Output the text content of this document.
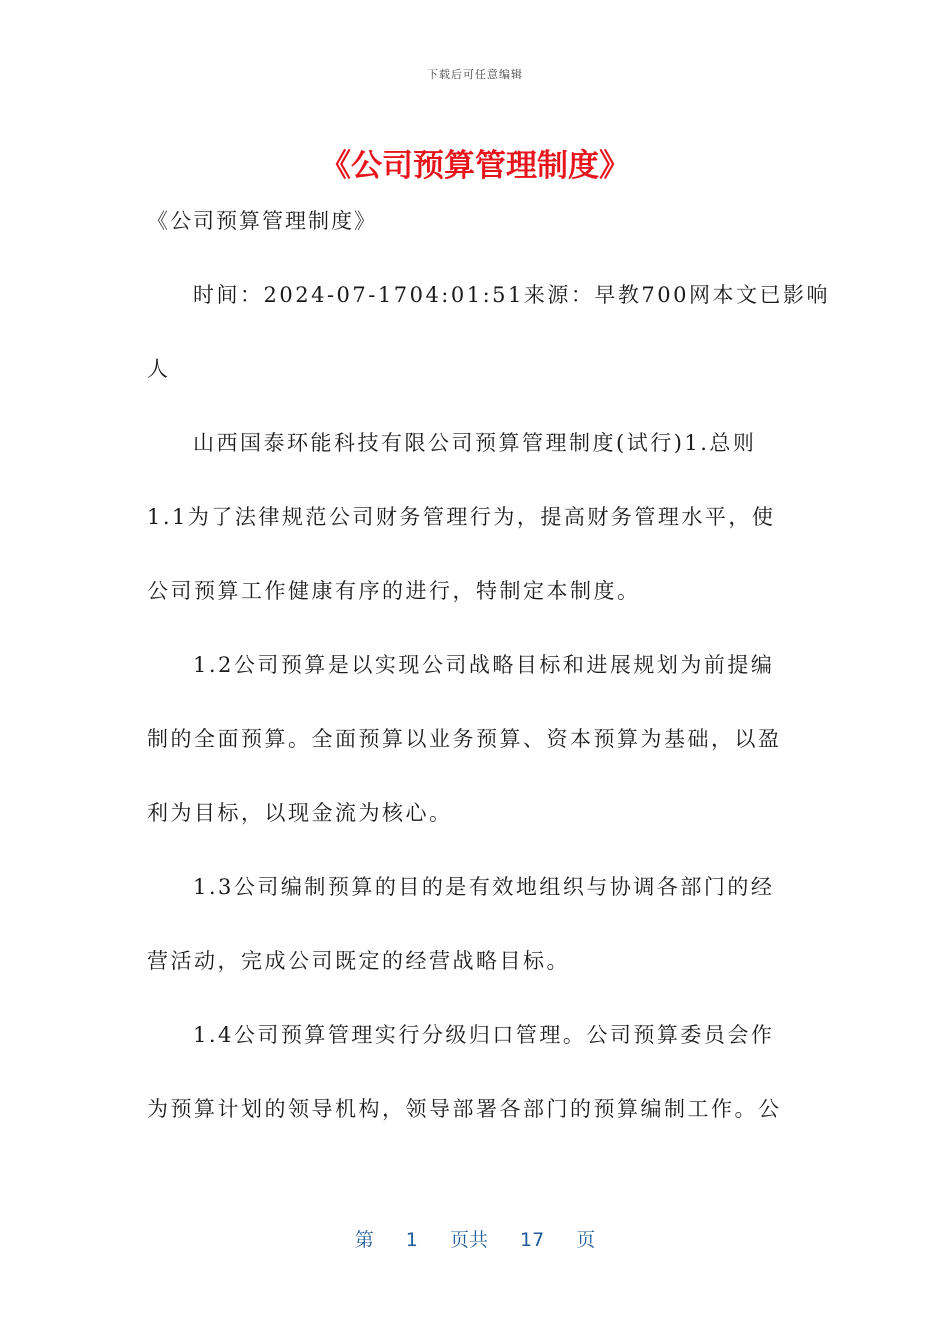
下载后可任意编辑
《公司预算管理制度》
《公司预算管理制度》
时间：2024-07-1704:01:51来源：早教700网本文已影响
人
山西国泰环能科技有限公司预算管理制度(试行)1.总则
1.1为了法律规范公司财务管理行为，提高财务管理水平，使
公司预算工作健康有序的进行，特制定本制度。
1.2公司预算是以实现公司战略目标和进展规划为前提编
制的全面预算。全面预算以业务预算、资本预算为基础，以盈
利为目标，以现金流为核心。
1.3公司编制预算的目的是有效地组织与协调各部门的经
营活动，完成公司既定的经营战略目标。
1.4公司预算管理实行分级归口管理。公司预算委员会作
为预算计划的领导机构，领导部署各部门的预算编制工作。公
第 1 页共 17 页
